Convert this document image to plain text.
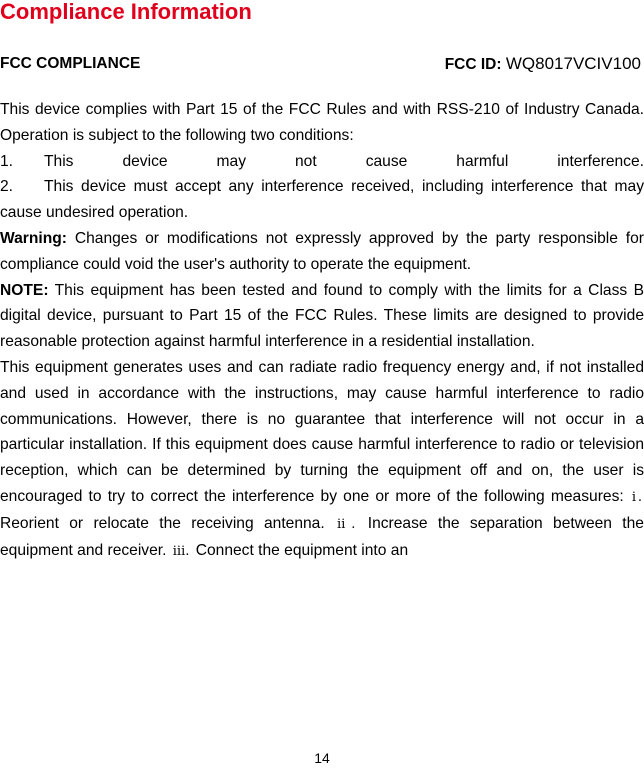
Compliance Information
FCC COMPLIANCE	FCC ID: WQ8017VCIV100

This device complies with Part 15 of the FCC Rules and with RSS-210 of Industry Canada. Operation is subject to the following two conditions:

1. This device may not cause harmful interference.

2. This device must accept any interference received, including interference that may cause undesired operation.

Warning: Changes or modifications not expressly approved by the party responsible for compliance could void the user's authority to operate the equipment.

NOTE: This equipment has been tested and found to comply with the limits for a Class B digital device, pursuant to Part 15 of the FCC Rules. These limits are designed to provide reasonable protection against harmful interference in a residential installation.

This equipment generates uses and can radiate radio frequency energy and, if not installed and used in accordance with the instructions, may cause harmful interference to radio communications. However, there is no guarantee that interference will not occur in a particular installation. If this equipment does cause harmful interference to radio or television reception, which can be determined by turning the equipment off and on, the user is encouraged to try to correct the interference by one or more of the following measures: ⅰ. Reorient or relocate the receiving antenna. ⅱ. Increase the separation between the equipment and receiver. ⅲ. Connect the equipment into an

14
